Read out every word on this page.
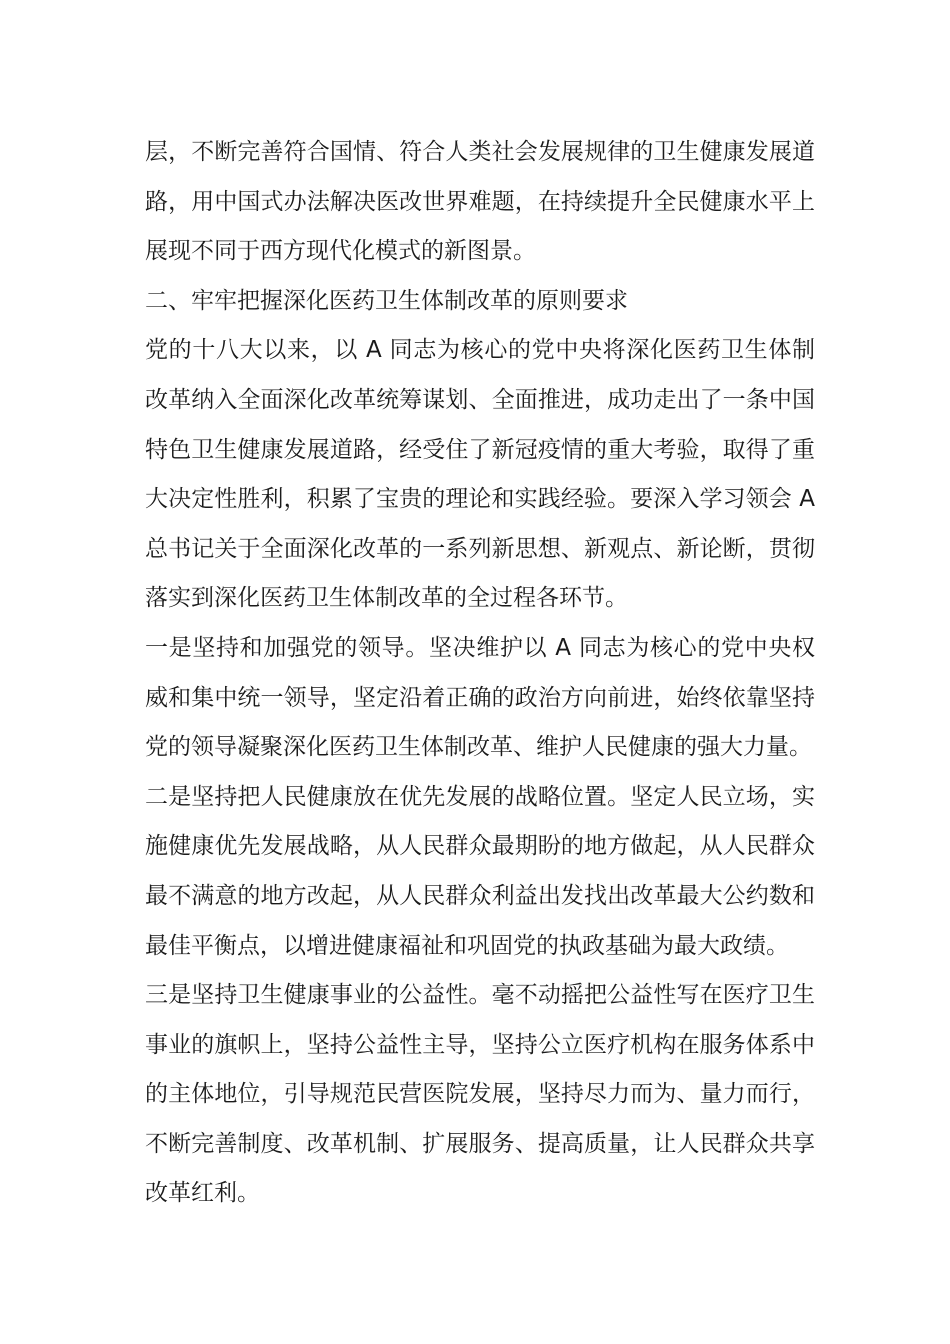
层，不断完善符合国情、符合人类社会发展规律的卫生健康发展道路，用中国式办法解决医改世界难题，在持续提升全民健康水平上展现不同于西方现代化模式的新图景。

二、牢牢把握深化医药卫生体制改革的原则要求

党的十八大以来，以 A 同志为核心的党中央将深化医药卫生体制改革纳入全面深化改革统筹谋划、全面推进，成功走出了一条中国特色卫生健康发展道路，经受住了新冠疫情的重大考验，取得了重大决定性胜利，积累了宝贵的理论和实践经验。要深入学习领会 A 总书记关于全面深化改革的一系列新思想、新观点、新论断，贯彻落实到深化医药卫生体制改革的全过程各环节。

一是坚持和加强党的领导。坚决维护以 A 同志为核心的党中央权威和集中统一领导，坚定沿着正确的政治方向前进，始终依靠坚持党的领导凝聚深化医药卫生体制改革、维护人民健康的强大力量。

二是坚持把人民健康放在优先发展的战略位置。坚定人民立场，实施健康优先发展战略，从人民群众最期盼的地方做起，从人民群众最不满意的地方改起，从人民群众利益出发找出改革最大公约数和最佳平衡点，以增进健康福祉和巩固党的执政基础为最大政绩。

三是坚持卫生健康事业的公益性。毫不动摇把公益性写在医疗卫生事业的旗帜上，坚持公益性主导，坚持公立医疗机构在服务体系中的主体地位，引导规范民营医院发展，坚持尽力而为、量力而行，不断完善制度、改革机制、扩展服务、提高质量，让人民群众共享改革红利。
